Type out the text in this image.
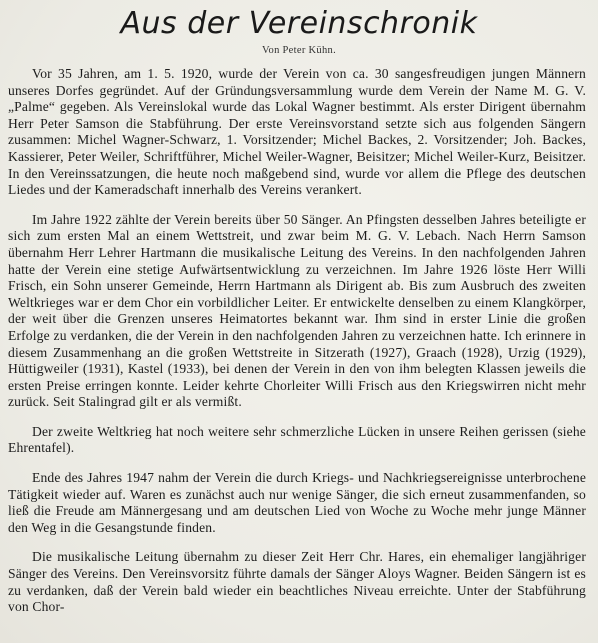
Aus der Vereinschronik
Von Peter Kühn.

Vor 35 Jahren, am 1. 5. 1920, wurde der Verein von ca. 30 sangesfreudigen jungen Männern unseres Dorfes gegründet. Auf der Gründungsversammlung wurde dem Verein der Name M. G. V. „Palme“ gegeben. Als Vereinslokal wurde das Lokal Wagner bestimmt. Als erster Dirigent übernahm Herr Peter Samson die Stabführung. Der erste Vereinsvorstand setzte sich aus folgenden Sängern zusammen: Michel Wagner-Schwarz, 1. Vorsitzender; Michel Backes, 2. Vorsitzender; Joh. Backes, Kassierer, Peter Weiler, Schriftführer, Michel Weiler-Wagner, Beisitzer; Michel Weiler-Kurz, Beisitzer. In den Vereinssatzungen, die heute noch maßgebend sind, wurde vor allem die Pflege des deutschen Liedes und der Kameradschaft innerhalb des Vereins verankert.

Im Jahre 1922 zählte der Verein bereits über 50 Sänger. An Pfingsten desselben Jahres beteiligte er sich zum ersten Mal an einem Wettstreit, und zwar beim M. G. V. Lebach. Nach Herrn Samson übernahm Herr Lehrer Hartmann die musikalische Leitung des Vereins. In den nachfolgenden Jahren hatte der Verein eine stetige Aufwärtsentwicklung zu verzeichnen. Im Jahre 1926 löste Herr Willi Frisch, ein Sohn unserer Gemeinde, Herrn Hartmann als Dirigent ab. Bis zum Ausbruch des zweiten Weltkrieges war er dem Chor ein vorbildlicher Leiter. Er entwickelte denselben zu einem Klangkörper, der weit über die Grenzen unseres Heimatortes bekannt war. Ihm sind in erster Linie die großen Erfolge zu verdanken, die der Verein in den nachfolgenden Jahren zu verzeichnen hatte. Ich erinnere in diesem Zusammenhang an die großen Wettstreite in Sitzerath (1927), Graach (1928), Urzig (1929), Hüttigweiler (1931), Kastel (1933), bei denen der Verein in den von ihm belegten Klassen jeweils die ersten Preise erringen konnte. Leider kehrte Chorleiter Willi Frisch aus den Kriegswirren nicht mehr zurück. Seit Stalingrad gilt er als vermißt.

Der zweite Weltkrieg hat noch weitere sehr schmerzliche Lücken in unsere Reihen gerissen (siehe Ehrentafel).

Ende des Jahres 1947 nahm der Verein die durch Kriegs- und Nachkriegsereignisse unterbrochene Tätigkeit wieder auf. Waren es zunächst auch nur wenige Sänger, die sich erneut zusammenfanden, so ließ die Freude am Männergesang und am deutschen Lied von Woche zu Woche mehr junge Männer den Weg in die Gesangstunde finden.

Die musikalische Leitung übernahm zu dieser Zeit Herr Chr. Hares, ein ehemaliger langjähriger Sänger des Vereins. Den Vereinsvorsitz führte damals der Sänger Aloys Wagner. Beiden Sängern ist es zu verdanken, daß der Verein bald wieder ein beachtliches Niveau erreichte. Unter der Stabführung von Chor-
